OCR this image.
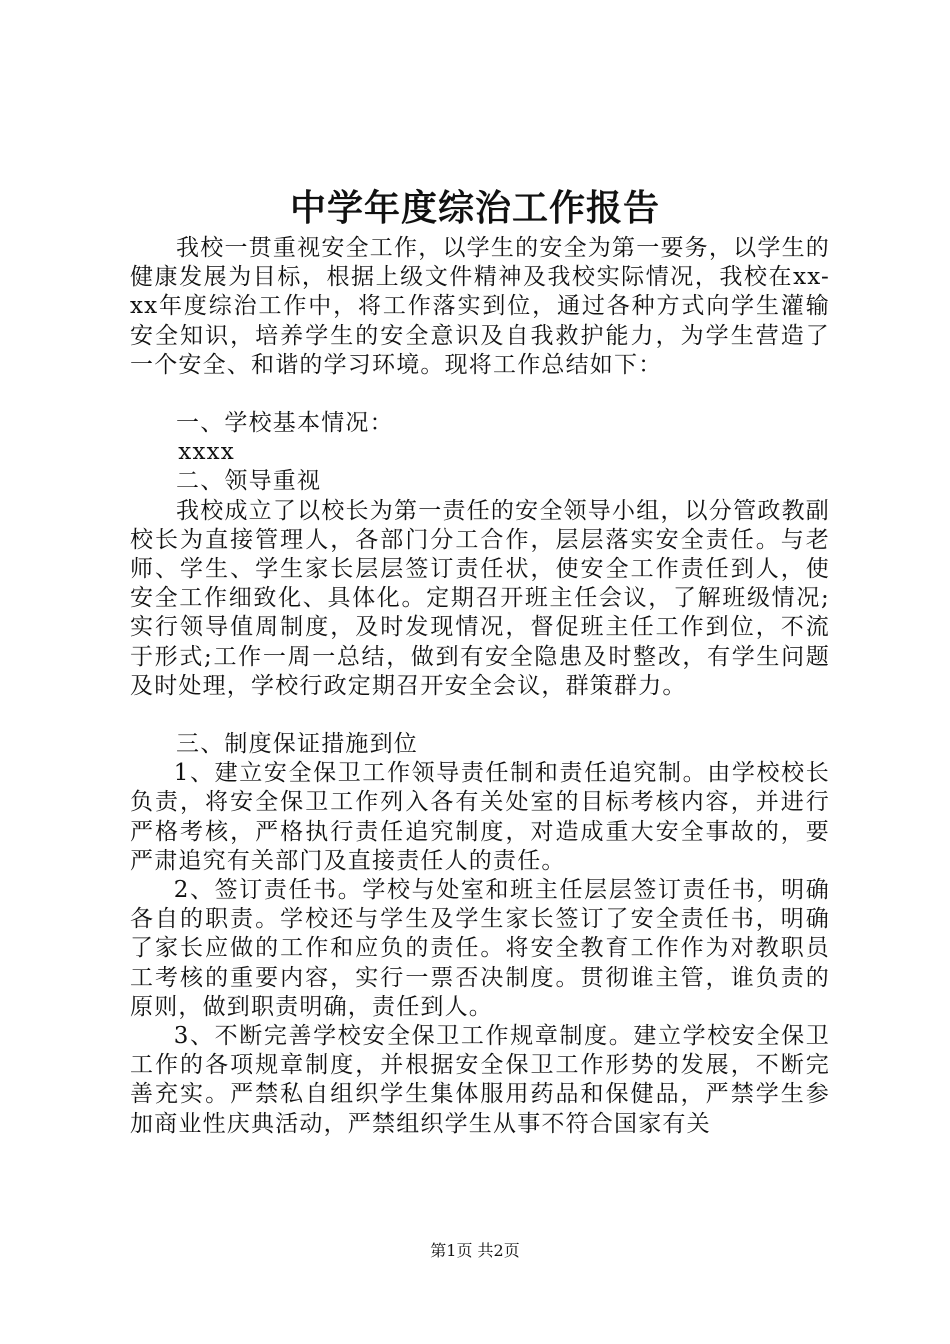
中学年度综治工作报告

我校一贯重视安全工作，以学生的安全为第一要务，以学生的健康发展为目标，根据上级文件精神及我校实际情况，我校在xx-xx年度综治工作中，将工作落实到位，通过各种方式向学生灌输安全知识，培养学生的安全意识及自我救护能力，为学生营造了一个安全、和谐的学习环境。现将工作总结如下：

一、学校基本情况：

xxxx

二、领导重视

我校成立了以校长为第一责任的安全领导小组，以分管政教副校长为直接管理人，各部门分工合作，层层落实安全责任。与老师、学生、学生家长层层签订责任状，使安全工作责任到人，使安全工作细致化、具体化。定期召开班主任会议，了解班级情况;实行领导值周制度，及时发现情况，督促班主任工作到位，不流于形式;工作一周一总结，做到有安全隐患及时整改，有学生问题及时处理，学校行政定期召开安全会议，群策群力。

三、制度保证措施到位

1、建立安全保卫工作领导责任制和责任追究制。由学校校长负责，将安全保卫工作列入各有关处室的目标考核内容，并进行严格考核，严格执行责任追究制度，对造成重大安全事故的，要严肃追究有关部门及直接责任人的责任。

2、签订责任书。学校与处室和班主任层层签订责任书，明确各自的职责。学校还与学生及学生家长签订了安全责任书，明确了家长应做的工作和应负的责任。将安全教育工作作为对教职员工考核的重要内容，实行一票否决制度。贯彻谁主管，谁负责的原则，做到职责明确，责任到人。

3、不断完善学校安全保卫工作规章制度。建立学校安全保卫工作的各项规章制度，并根据安全保卫工作形势的发展，不断完善充实。严禁私自组织学生集体服用药品和保健品，严禁学生参加商业性庆典活动，严禁组织学生从事不符合国家有关

第1页 共2页
